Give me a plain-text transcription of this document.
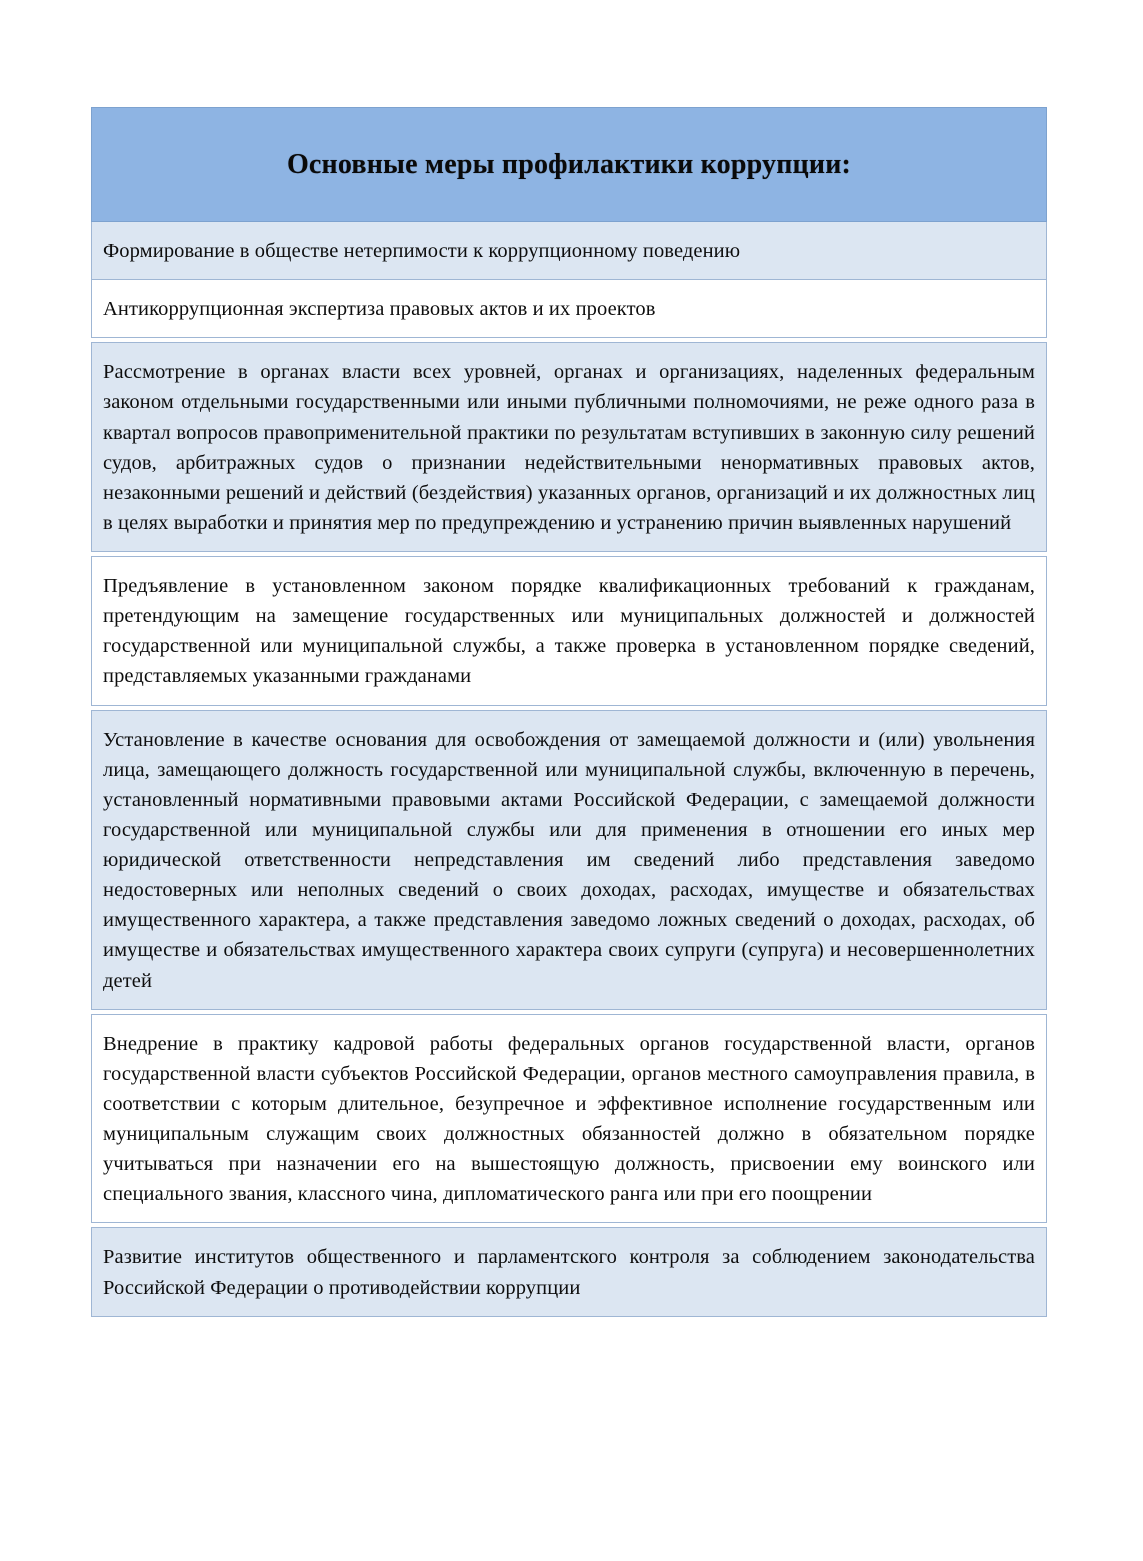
Основные меры профилактики коррупции:

Формирование в обществе нетерпимости к коррупционному поведению

Антикоррупционная экспертиза правовых актов и их проектов

Рассмотрение в органах власти всех уровней, органах и организациях, наделенных федеральным законом отдельными государственными или иными публичными полномочиями, не реже одного раза в квартал вопросов правоприменительной практики по результатам вступивших в законную силу решений судов, арбитражных судов о признании недействительными ненормативных правовых актов, незаконными решений и действий (бездействия) указанных органов, организаций и их должностных лиц в целях выработки и принятия мер по предупреждению и устранению причин выявленных нарушений

Предъявление в установленном законом порядке квалификационных требований к гражданам, претендующим на замещение государственных или муниципальных должностей и должностей государственной или муниципальной службы, а также проверка в установленном порядке сведений, представляемых указанными гражданами

Установление в качестве основания для освобождения от замещаемой должности и (или) увольнения лица, замещающего должность государственной или муниципальной службы, включенную в перечень, установленный нормативными правовыми актами Российской Федерации, с замещаемой должности государственной или муниципальной службы или для применения в отношении его иных мер юридической ответственности непредставления им сведений либо представления заведомо недостоверных или неполных сведений о своих доходах, расходах, имуществе и обязательствах имущественного характера, а также представления заведомо ложных сведений о доходах, расходах, об имуществе и обязательствах имущественного характера своих супруги (супруга) и несовершеннолетних детей

Внедрение в практику кадровой работы федеральных органов государственной власти, органов государственной власти субъектов Российской Федерации, органов местного самоуправления правила, в соответствии с которым длительное, безупречное и эффективное исполнение государственным или муниципальным служащим своих должностных обязанностей должно в обязательном порядке учитываться при назначении его на вышестоящую должность, присвоении ему воинского или специального звания, классного чина, дипломатического ранга или при его поощрении

Развитие институтов общественного и парламентского контроля за соблюдением законодательства Российской Федерации о противодействии коррупции
